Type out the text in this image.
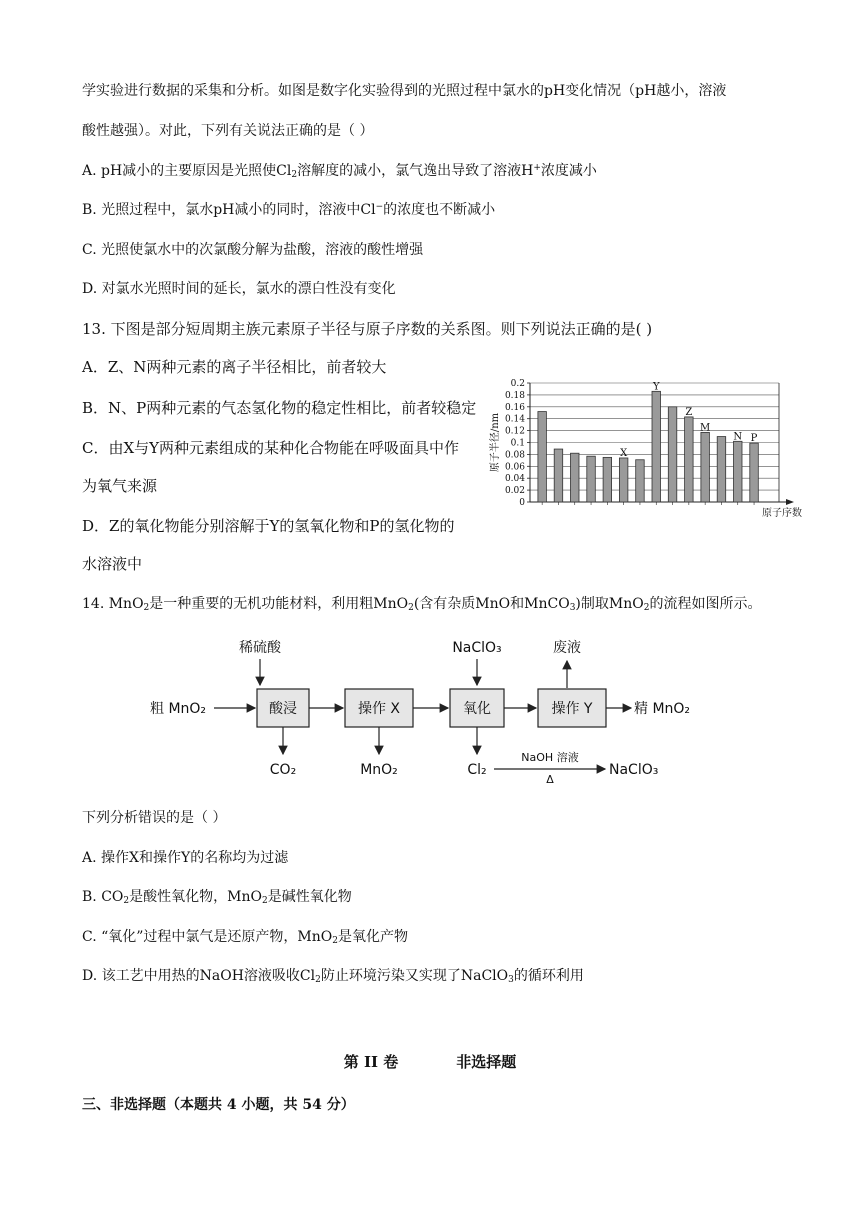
学实验进行数据的采集和分析。如图是数字化实验得到的光照过程中氯水的pH变化情况（pH越小，溶液
酸性越强）。对此，下列有关说法正确的是（ ）
A. pH减小的主要原因是光照使$Cl_2$溶解度的减小，氯气逸出导致了溶液H+浓度减小
B. 光照过程中，氯水pH减小的同时，溶液中Cl−的浓度也不断减小
C. 光照使氯水中的次氯酸分解为盐酸，溶液的酸性增强
D. 对氯水光照时间的延长，氯水的漂白性没有变化
13. 下图是部分短周期主族元素原子半径与原子序数的关系图。则下列说法正确的是( )
A．Z、N两种元素的离子半径相比，前者较大
B．N、P两种元素的气态氢化物的稳定性相比，前者较稳定
C．由X与Y两种元素组成的某种化合物能在呼吸面具中作
为氧气来源
D．Z的氧化物能分别溶解于Y的氢氧化物和P的氢化物的
水溶液中
0
0.02
0.04
0.06
0.08
0.1
0.12
0.14
0.16
0.18
0.2
X
Y
Z
M
N P
原子半径/nm
原子序数
14. MnO$_2$是一种重要的无机功能材料，利用粗MnO$_2$(含有杂质MnO和MnCO$_3$)制取MnO$_2$的流程如图所示。
稀硫酸	NaClO₃	废液
粗 MnO₂	酸浸	操作 X	氧化	操作 Y	精 MnO₂
CO₂	MnO₂	Cl₂
NaOH 溶液
Δ
NaClO₃
下列分析错误的是（ ）
A. 操作X和操作Y的名称均为过滤
B. $CO_2$是酸性氧化物，MnO$_2$是碱性氧化物
C. “氧化”过程中氯气是还原产物，MnO$_2$是氧化产物
D. 该工艺中用热的NaOH溶液吸收$Cl_2$防止环境污染又实现了NaClO$_3$的循环利用
第 II 卷	非选择题
三、非选择题（本题共 4 小题，共 54 分）
